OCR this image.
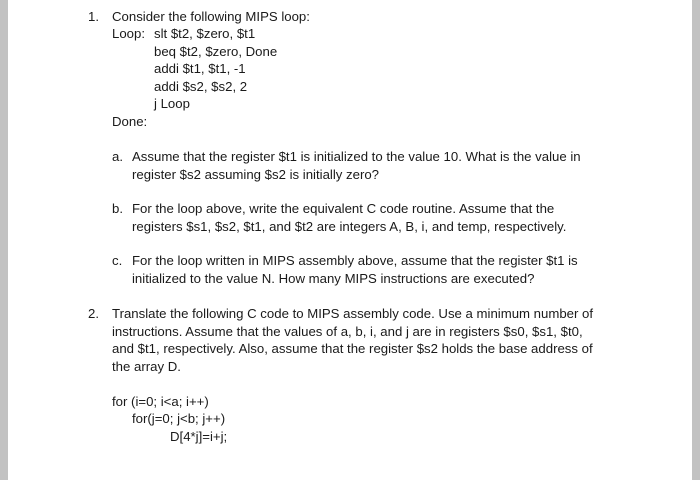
1. Consider the following MIPS loop:
Loop: slt $t2, $zero, $t1
beq $t2, $zero, Done
addi $t1, $t1, -1
addi $s2, $s2, 2
j Loop
Done:
a. Assume that the register $t1 is initialized to the value 10. What is the value in
register $s2 assuming $s2 is initially zero?
b. For the loop above, write the equivalent C code routine. Assume that the
registers $s1, $s2, $t1, and $t2 are integers A, B, i, and temp, respectively.
c. For the loop written in MIPS assembly above, assume that the register $t1 is
initialized to the value N. How many MIPS instructions are executed?
2. Translate the following C code to MIPS assembly code. Use a minimum number of
instructions. Assume that the values of a, b, i, and j are in registers $s0, $s1, $t0,
and $t1, respectively. Also, assume that the register $s2 holds the base address of
the array D.
for (i=0; i<a; i++)
for(j=0; j<b; j++)
D[4*j]=i+j;
